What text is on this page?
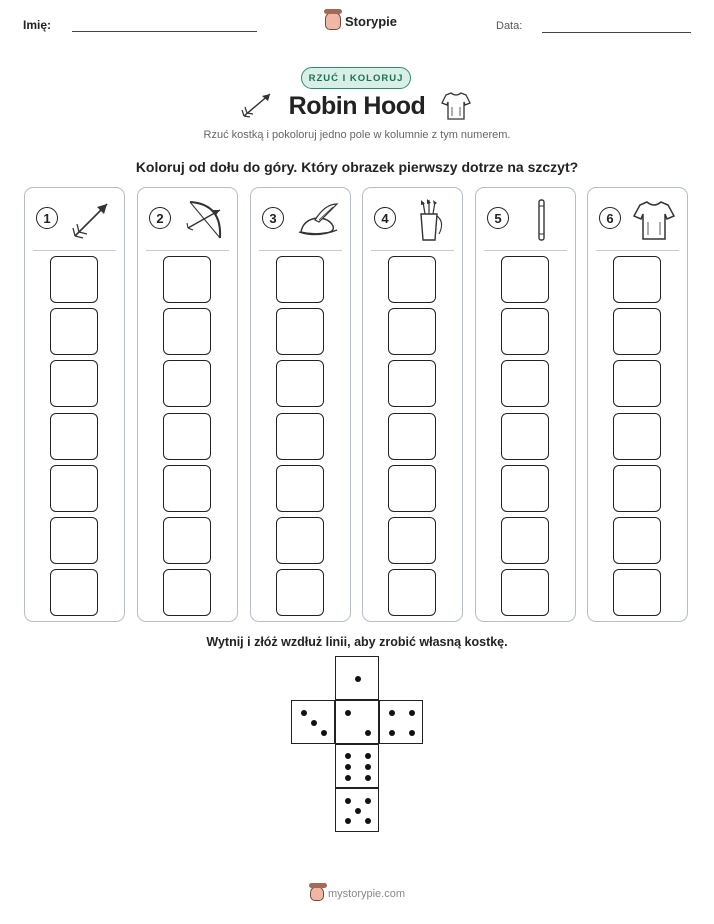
Imię:	Storypie	Data:
RZUĆ I KOLORUJ
Robin Hood
Rzuć kostką i pokoloruj jedno pole w kolumnie z tym numerem.
Koloruj od dołu do góry. Który obrazek pierwszy dotrze na szczyt?
1	2	3	4	5	6
Wytnij i złóż wzdłuż linii, aby zrobić własną kostkę.
mystorypie.com
